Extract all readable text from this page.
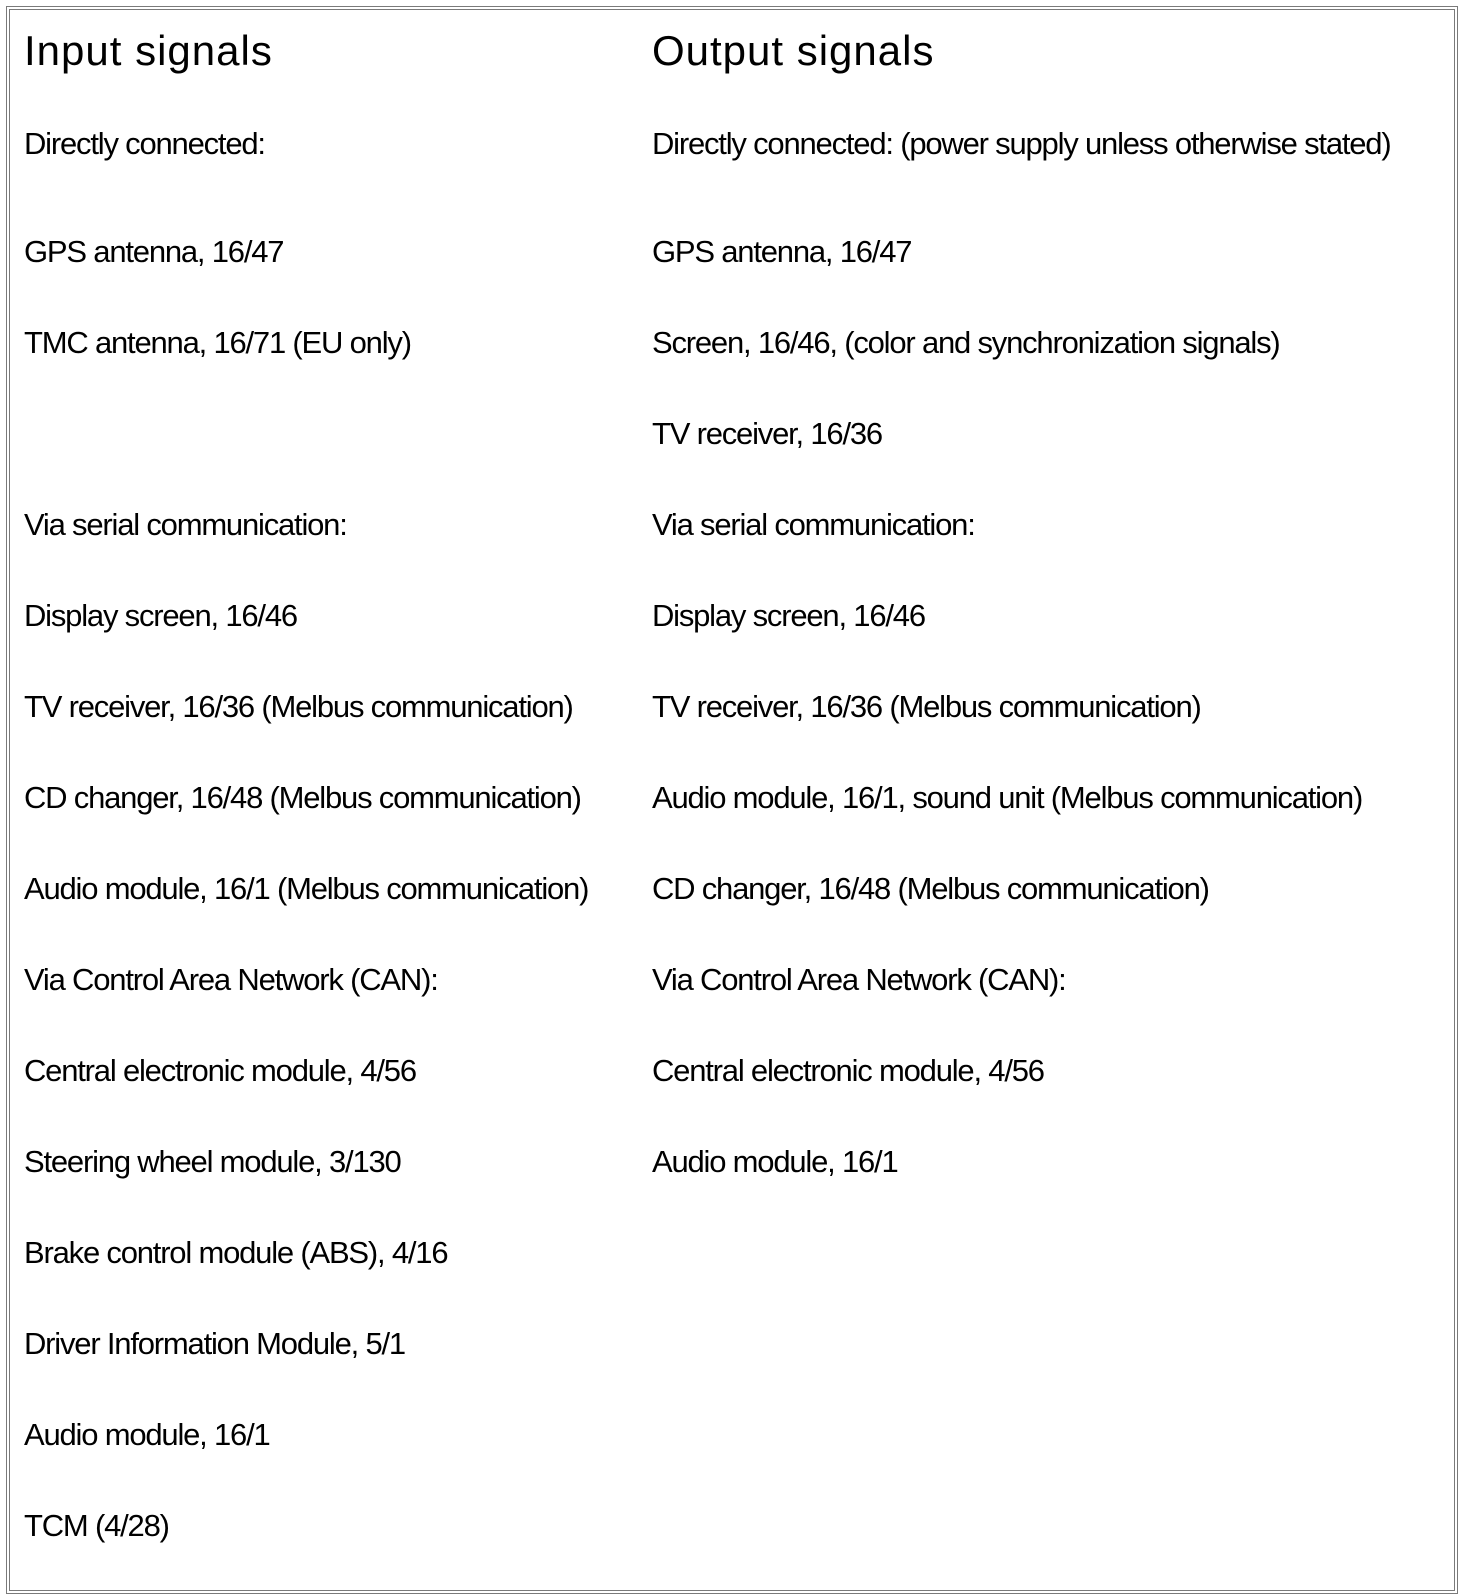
Input signals	Output signals
Directly connected:	Directly connected: (power supply unless otherwise stated)
GPS antenna, 16/47	GPS antenna, 16/47
TMC antenna, 16/71 (EU only)	Screen, 16/46, (color and synchronization signals)
	TV receiver, 16/36
Via serial communication:	Via serial communication:
Display screen, 16/46	Display screen, 16/46
TV receiver, 16/36 (Melbus communication)	TV receiver, 16/36 (Melbus communication)
CD changer, 16/48 (Melbus communication)	Audio module, 16/1, sound unit (Melbus communication)
Audio module, 16/1 (Melbus communication)	CD changer, 16/48 (Melbus communication)
Via Control Area Network (CAN):	Via Control Area Network (CAN):
Central electronic module, 4/56	Central electronic module, 4/56
Steering wheel module, 3/130	Audio module, 16/1
Brake control module (ABS), 4/16	
Driver Information Module, 5/1	
Audio module, 16/1	
TCM (4/28)	
